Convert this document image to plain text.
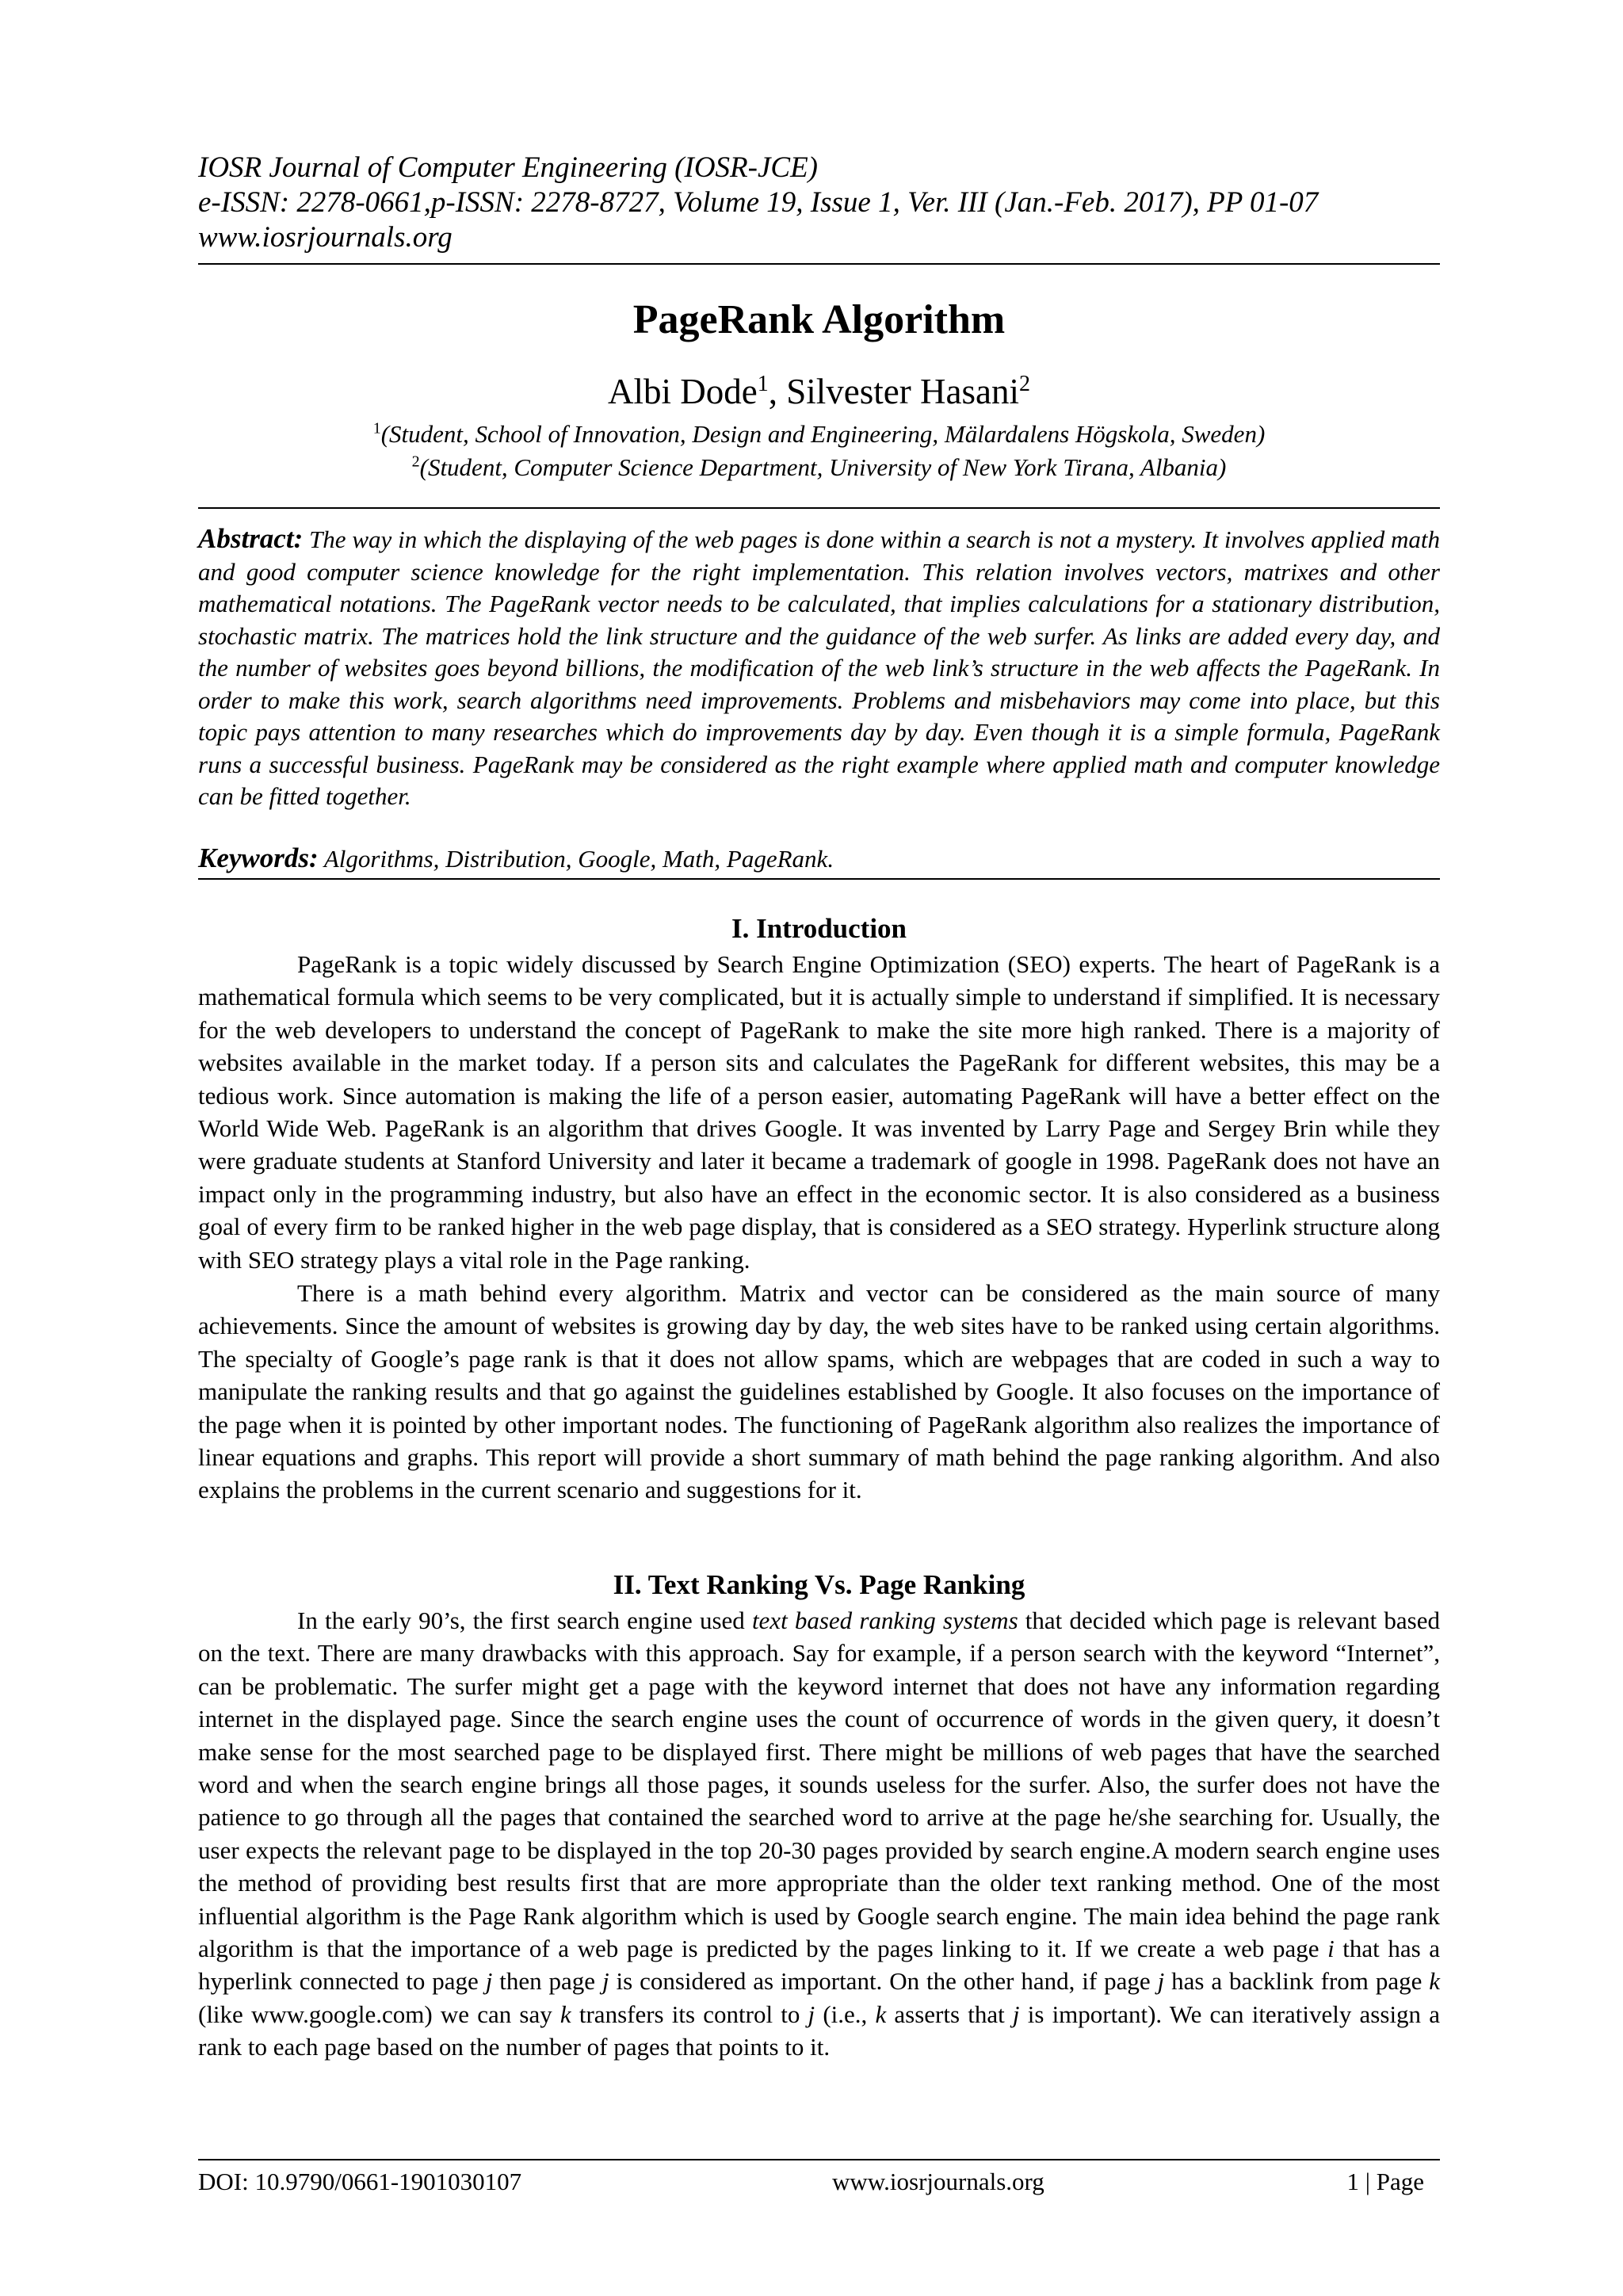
IOSR Journal of Computer Engineering (IOSR-JCE)
e-ISSN: 2278-0661,p-ISSN: 2278-8727, Volume 19, Issue 1, Ver. III (Jan.-Feb. 2017), PP 01-07
www.iosrjournals.org
PageRank Algorithm
Albi Dode$^1$, Silvester Hasani$^2$
$^1$(Student, School of Innovation, Design and Engineering, Mälardalens Högskola, Sweden)
$^2$(Student, Computer Science Department, University of New York Tirana, Albania)
Abstract: The way in which the displaying of the web pages is done within a search is not a mystery. It involves applied math and good computer science knowledge for the right implementation. This relation involves vectors, matrixes and other mathematical notations. The PageRank vector needs to be calculated, that implies calculations for a stationary distribution, stochastic matrix. The matrices hold the link structure and the guidance of the web surfer. As links are added every day, and the number of websites goes beyond billions, the modification of the web link’s structure in the web affects the PageRank. In order to make this work, search algorithms need improvements. Problems and misbehaviors may come into place, but this topic pays attention to many researches which do improvements day by day. Even though it is a simple formula, PageRank runs a successful business. PageRank may be considered as the right example where applied math and computer knowledge can be fitted together.
Keywords: Algorithms, Distribution, Google, Math, PageRank.
I. Introduction
PageRank is a topic widely discussed by Search Engine Optimization (SEO) experts. The heart of PageRank is a mathematical formula which seems to be very complicated, but it is actually simple to understand if simplified. It is necessary for the web developers to understand the concept of PageRank to make the site more high ranked. There is a majority of websites available in the market today. If a person sits and calculates the PageRank for different websites, this may be a tedious work. Since automation is making the life of a person easier, automating PageRank will have a better effect on the World Wide Web. PageRank is an algorithm that drives Google. It was invented by Larry Page and Sergey Brin while they were graduate students at Stanford University and later it became a trademark of google in 1998. PageRank does not have an impact only in the programming industry, but also have an effect in the economic sector. It is also considered as a business goal of every firm to be ranked higher in the web page display, that is considered as a SEO strategy. Hyperlink structure along with SEO strategy plays a vital role in the Page ranking.
There is a math behind every algorithm. Matrix and vector can be considered as the main source of many achievements. Since the amount of websites is growing day by day, the web sites have to be ranked using certain algorithms. The specialty of Google’s page rank is that it does not allow spams, which are webpages that are coded in such a way to manipulate the ranking results and that go against the guidelines established by Google. It also focuses on the importance of the page when it is pointed by other important nodes. The functioning of PageRank algorithm also realizes the importance of linear equations and graphs. This report will provide a short summary of math behind the page ranking algorithm. And also explains the problems in the current scenario and suggestions for it.
II. Text Ranking Vs. Page Ranking
In the early 90’s, the first search engine used text based ranking systems that decided which page is relevant based on the text. There are many drawbacks with this approach. Say for example, if a person search with the keyword “Internet”, can be problematic. The surfer might get a page with the keyword internet that does not have any information regarding internet in the displayed page. Since the search engine uses the count of occurrence of words in the given query, it doesn’t make sense for the most searched page to be displayed first. There might be millions of web pages that have the searched word and when the search engine brings all those pages, it sounds useless for the surfer. Also, the surfer does not have the patience to go through all the pages that contained the searched word to arrive at the page he/she searching for. Usually, the user expects the relevant page to be displayed in the top 20-30 pages provided by search engine.A modern search engine uses the method of providing best results first that are more appropriate than the older text ranking method. One of the most influential algorithm is the Page Rank algorithm which is used by Google search engine. The main idea behind the page rank algorithm is that the importance of a web page is predicted by the pages linking to it. If we create a web page i that has a hyperlink connected to page j then page j is considered as important. On the other hand, if page j has a backlink from page k (like www.google.com) we can say k transfers its control to j (i.e., k asserts that j is important). We can iteratively assign a rank to each page based on the number of pages that points to it.
DOI: 10.9790/0661-1901030107	www.iosrjournals.org	1 | Page
